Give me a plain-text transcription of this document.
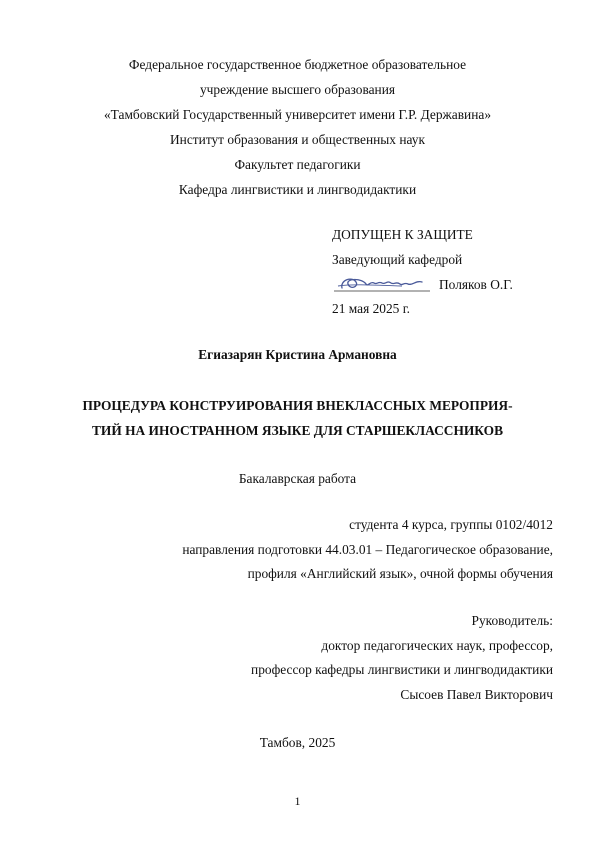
Федеральное государственное бюджетное образовательное
учреждение высшего образования
«Тамбовский Государственный университет имени Г.Р. Державина»
Институт образования и общественных наук
Факультет педагогики
Кафедра лингвистики и лингводидактики
ДОПУЩЕН К ЗАЩИТЕ
Заведующий кафедрой
Поляков О.Г.
21 мая 2025 г.
Егиазарян Кристина Армановна
ПРОЦЕДУРА КОНСТРУИРОВАНИЯ ВНЕКЛАССНЫХ МЕРОПРИЯ-
ТИЙ НА ИНОСТРАННОМ ЯЗЫКЕ ДЛЯ СТАРШЕКЛАССНИКОВ
Бакалаврская работа
студента 4 курса, группы 0102/4012
направления подготовки 44.03.01 – Педагогическое образование,
профиля «Английский язык», очной формы обучения
Руководитель:
доктор педагогических наук, профессор,
профессор кафедры лингвистики и лингводидактики
Сысоев Павел Викторович
Тамбов, 2025
1
